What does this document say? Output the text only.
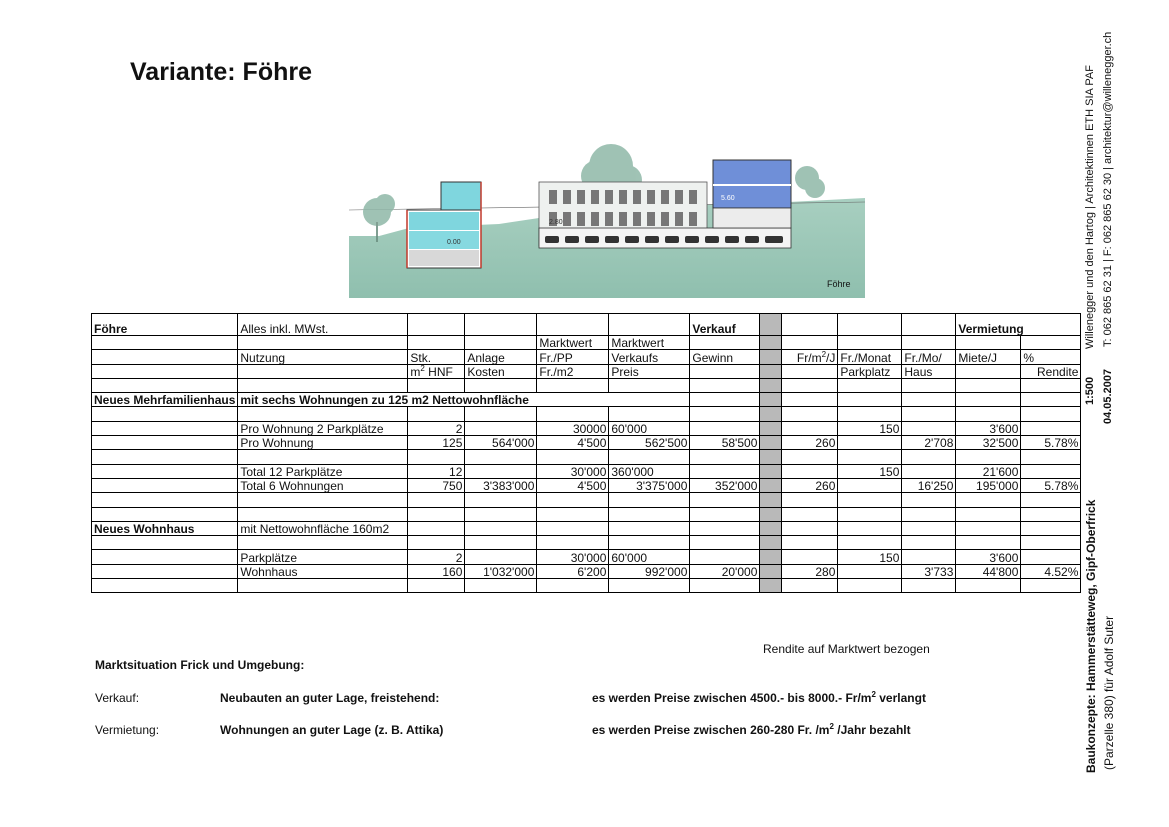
Variante: Föhre
0.00
2.80
5.60
Föhre
Föhre	Alles inkl. MWst.					Verkauf					Vermietung	
				Marktwert	Marktwert							
	Nutzung	Stk.	Anlage	Fr./PP	Verkaufs	Gewinn		$Fr/m^2/J$	Fr./Monat	Fr./Mo/	Miete/J	%
		$m^2$ HNF	Kosten	Fr./m2	Preis				Parkplatz	Haus		Rendite

Neues Mehrfamilienhaus	mit sechs Wohnungen zu 125 m2 Nettowohnfläche											

	Pro Wohnung 2 Parkplätze	2		30000	60'000				150		3'600	
	Pro Wohnung	125	564'000	4'500	562'500	58'500		260		2'708	32'500	5.78%

	Total 12 Parkplätze	12		30'000	360'000				150		21'600	
	Total 6 Wohnungen	750	3'383'000	4'500	3'375'000	352'000		260		16'250	195'000	5.78%

Neues Wohnhaus	mit Nettowohnfläche 160m2											

	Parkplätze	2		30'000	60'000				150		3'600	
	Wohnhaus	160	1'032'000	6'200	992'000	20'000		280		3'733	44'800	4.52%

Rendite auf Marktwert bezogen
Marktsituation Frick und Umgebung:
Verkauf:	Neubauten an guter Lage, freistehend:	es werden Preise zwischen 4500.- bis 8000.- $Fr/m^2$ verlangt
Vermietung:	Wohnungen an guter Lage (z. B. Attika)	es werden Preise zwischen 260-280 Fr. $/m^2$ /Jahr bezahlt
Willenegger und den Hartog | Architektinnen ETH SIA PAF T: 062 865 62 31 | F: 062 865 62 30 | architektur@willenegger.ch
1:500 04.05.2007
Baukonzepte: Hammerstätteweg, Gipf-Oberfrick (Parzelle 380) für Adolf Suter
